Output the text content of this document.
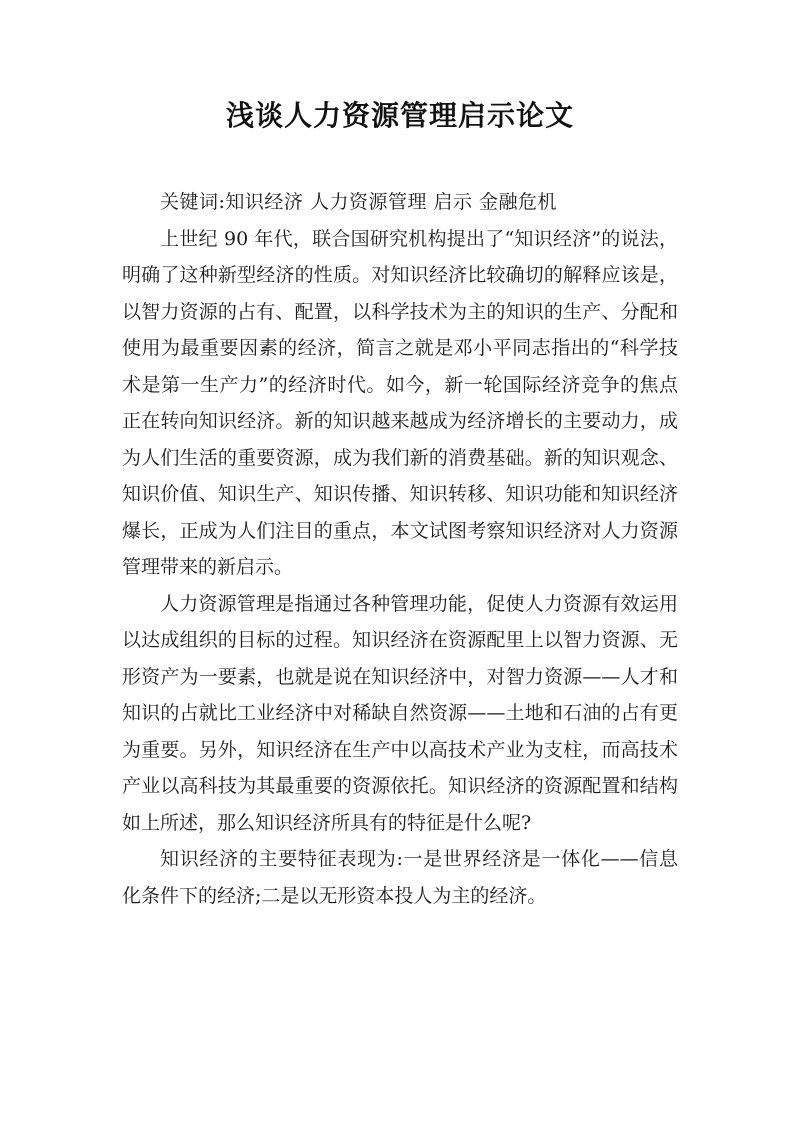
浅谈人力资源管理启示论文

关键词:知识经济 人力资源管理 启示 金融危机

上世纪 90 年代，联合国研究机构提出了“知识经济”的说法，明确了这种新型经济的性质。对知识经济比较确切的解释应该是，以智力资源的占有、配置，以科学技术为主的知识的生产、分配和使用为最重要因素的经济，简言之就是邓小平同志指出的“科学技术是第一生产力”的经济时代。如今，新一轮国际经济竞争的焦点正在转向知识经济。新的知识越来越成为经济增长的主要动力，成为人们生活的重要资源，成为我们新的消费基础。新的知识观念、知识价值、知识生产、知识传播、知识转移、知识功能和知识经济爆长，正成为人们注目的重点，本文试图考察知识经济对人力资源管理带来的新启示。

人力资源管理是指通过各种管理功能，促使人力资源有效运用以达成组织的目标的过程。知识经济在资源配里上以智力资源、无形资产为一要素，也就是说在知识经济中，对智力资源——人才和知识的占就比工业经济中对稀缺自然资源——土地和石油的占有更为重要。另外，知识经济在生产中以高技术产业为支柱，而高技术产业以高科技为其最重要的资源依托。知识经济的资源配置和结构如上所述，那么知识经济所具有的特征是什么呢?

知识经济的主要特征表现为:一是世界经济是一体化——信息化条件下的经济;二是以无形资本投人为主的经济。
